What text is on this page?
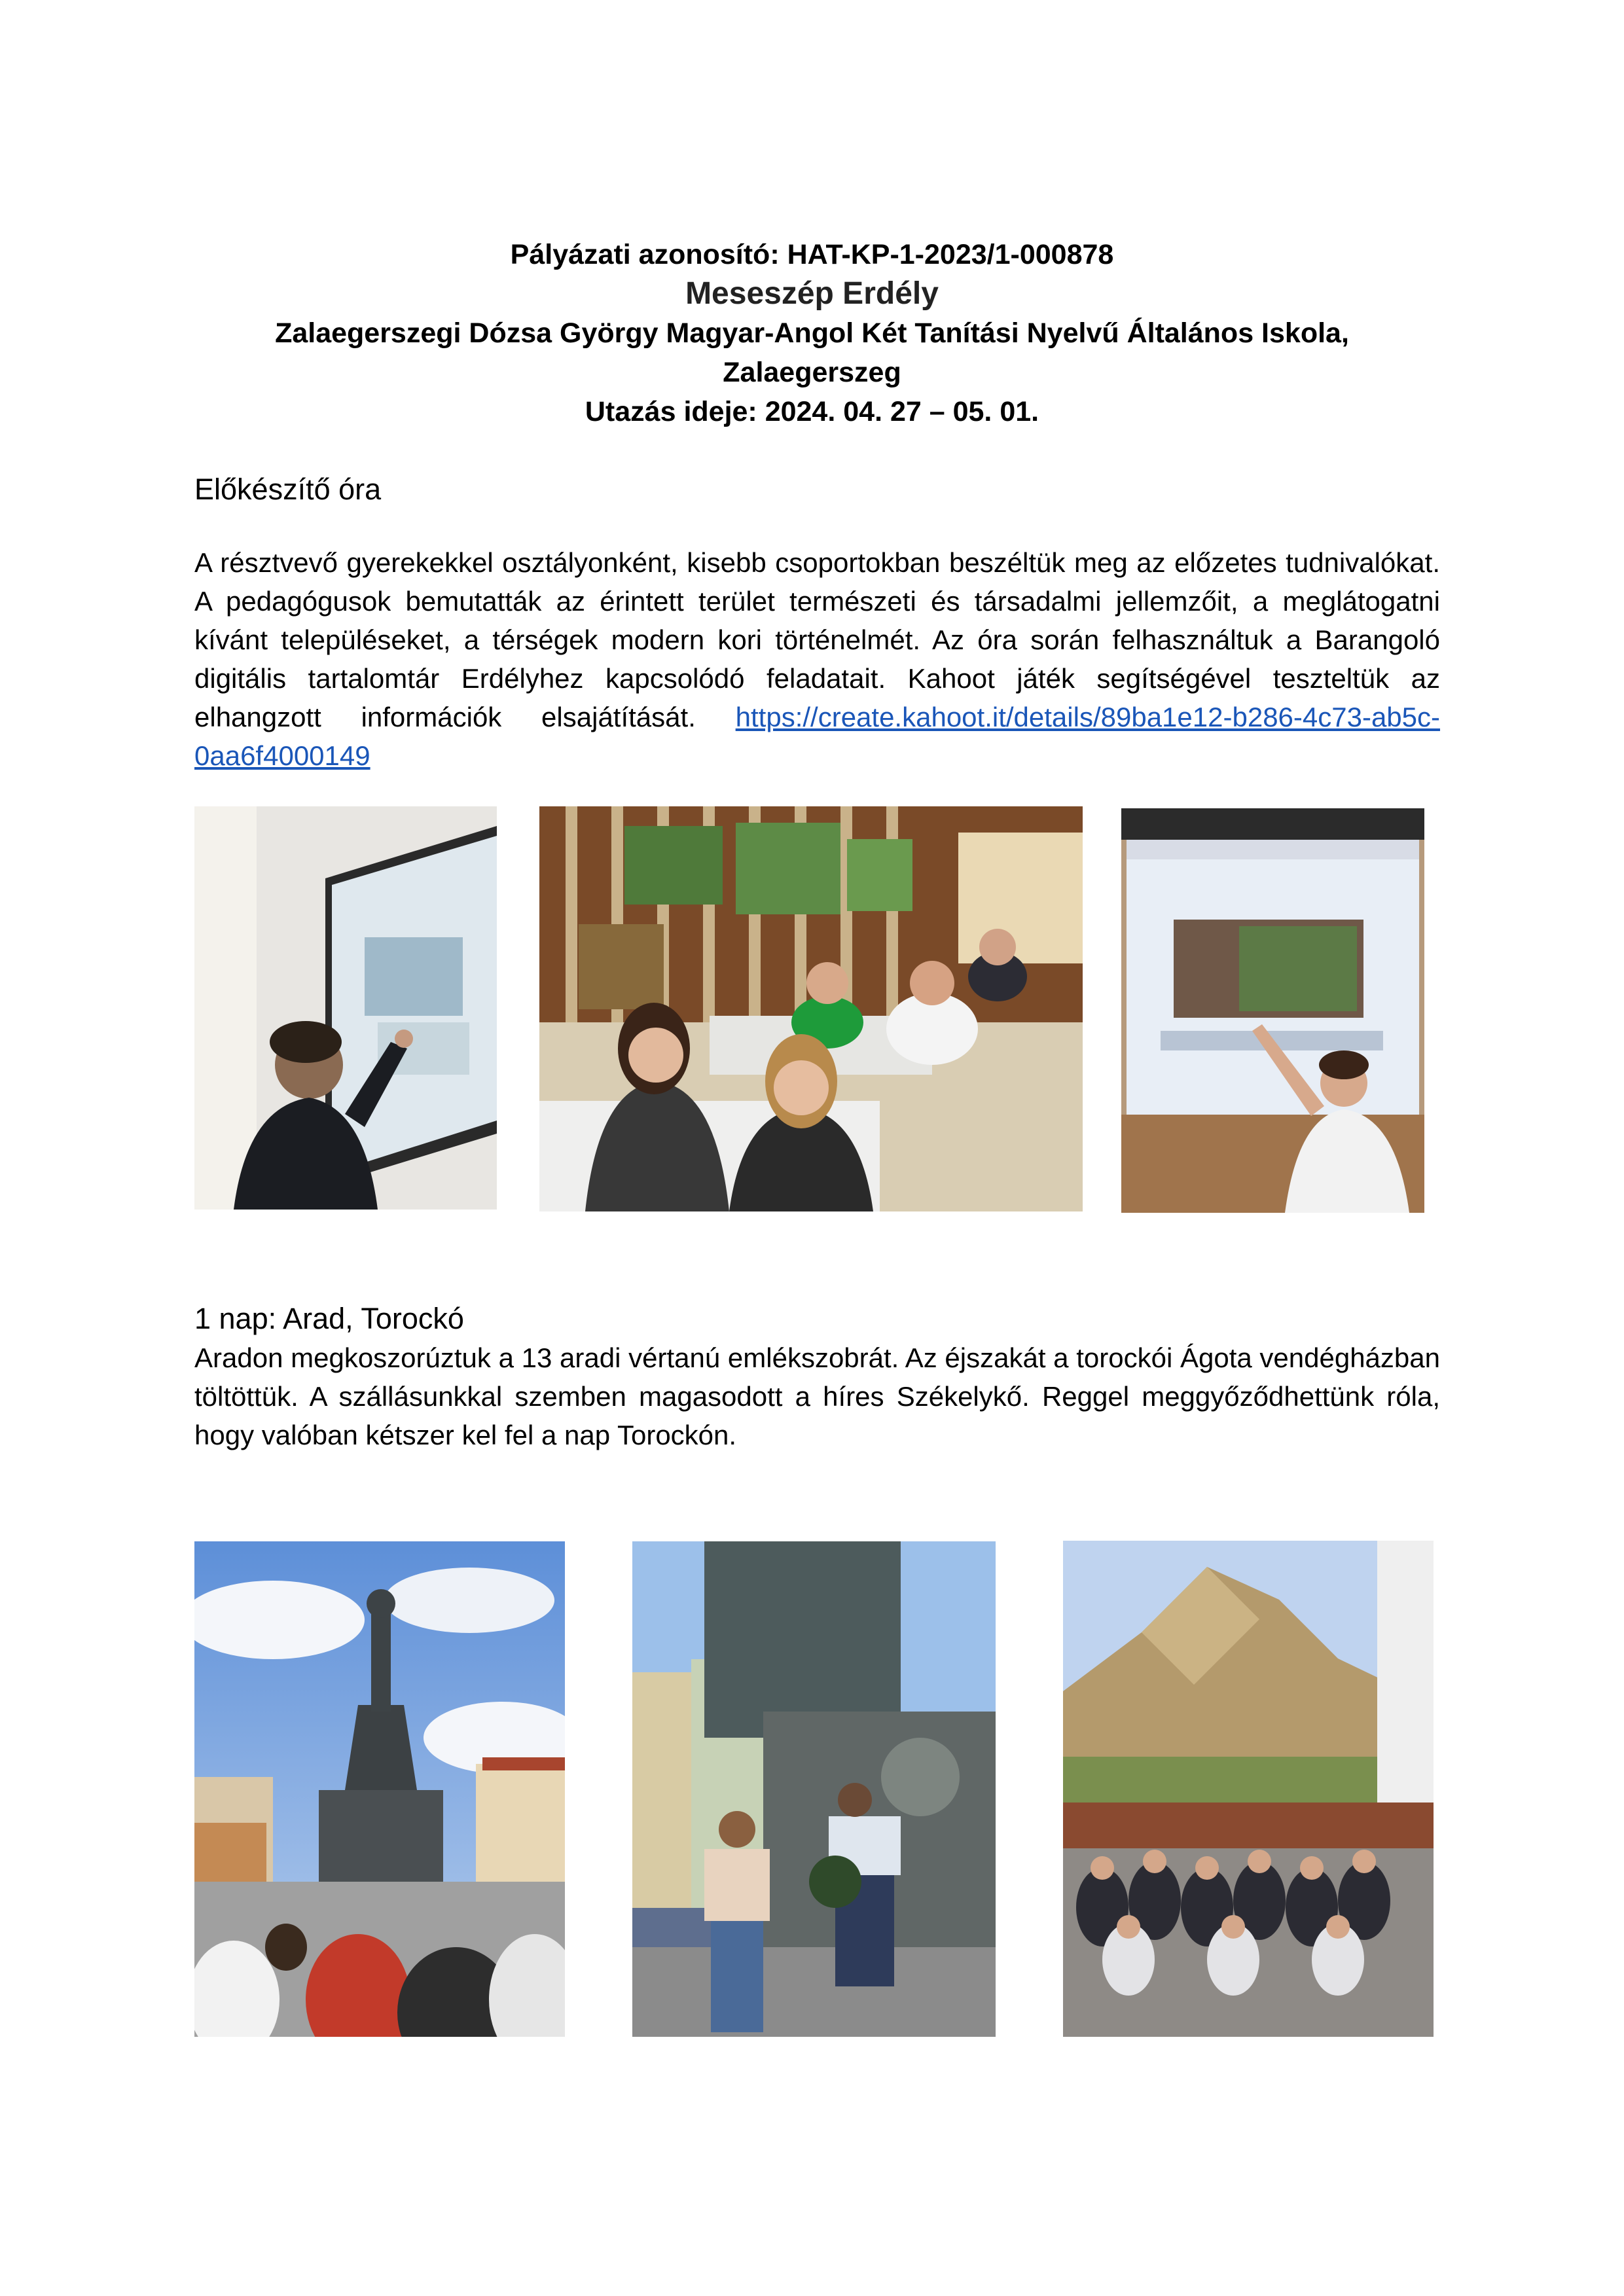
Pályázati azonosító: HAT-KP-1-2023/1-000878
Meseszép Erdély
Zalaegerszegi Dózsa György Magyar-Angol Két Tanítási Nyelvű Általános Iskola,
Zalaegerszeg
Utazás ideje: 2024. 04. 27 – 05. 01.
Előkészítő óra

A résztvevő gyerekekkel osztályonként, kisebb csoportokban beszéltük meg az előzetes tudnivalókat. A pedagógusok bemutatták az érintett terület természeti és társadalmi jellemzőit, a meglátogatni kívánt településeket, a térségek modern kori történelmét. Az óra során felhasználtuk a Barangoló digitális tartalomtár Erdélyhez kapcsolódó feladatait. Kahoot játék segítségével teszteltük az elhangzott információk elsajátítását. https://create.kahoot.it/details/89ba1e12-b286-4c73-ab5c-0aa6f4000149

1 nap: Arad, Torockó

Aradon megkoszorúztuk a 13 aradi vértanú emlékszobrát. Az éjszakát a torockói Ágota vendégházban töltöttük. A szállásunkkal szemben magasodott a híres Székelykő. Reggel meggyőződhettünk róla, hogy valóban kétszer kel fel a nap Torockón.
